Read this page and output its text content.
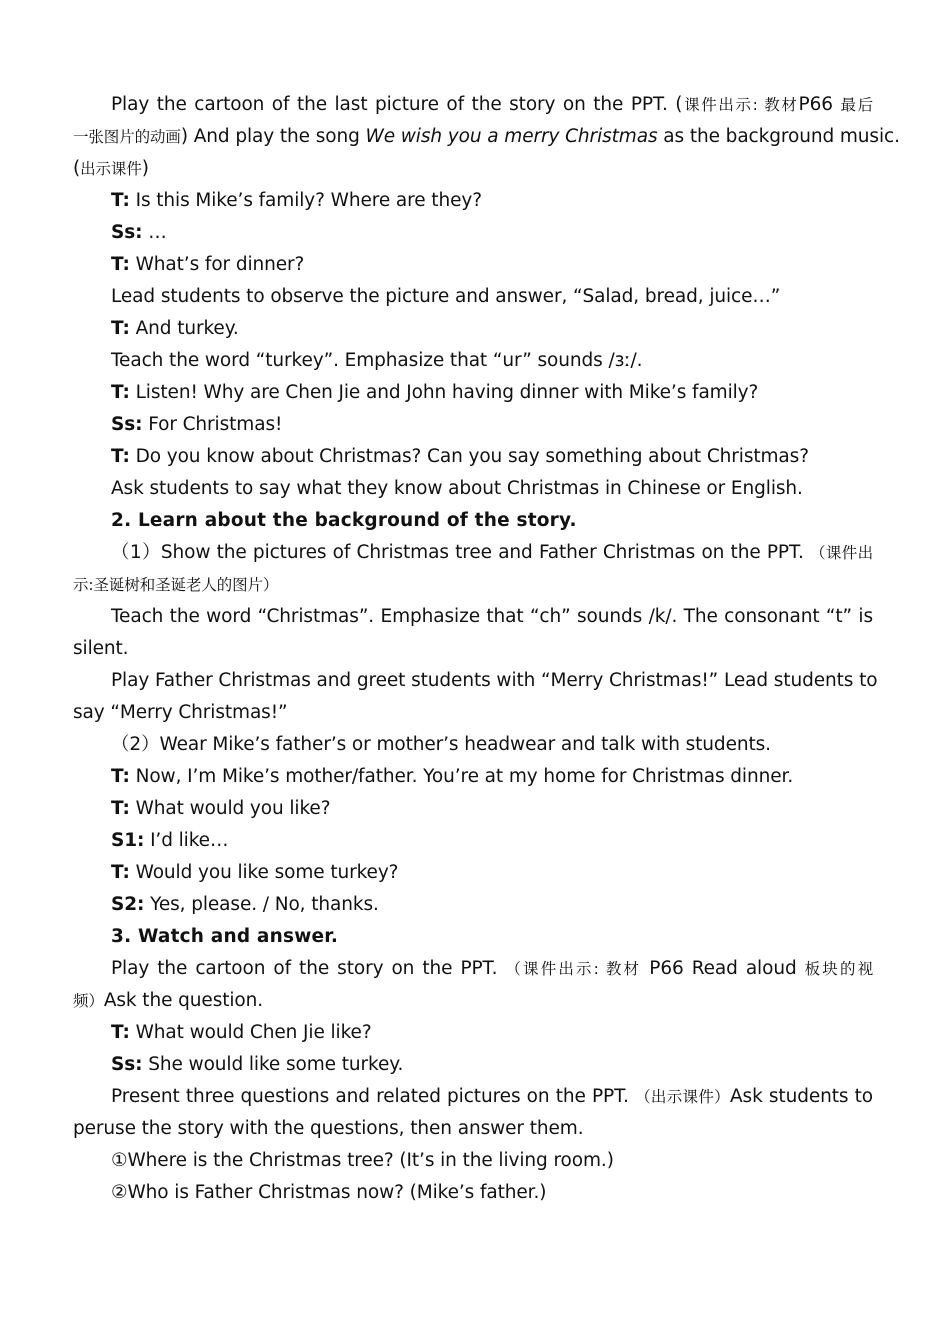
Play the cartoon of the last picture of the story on the PPT. (课件出示: 教材P66 最后
一张图片的动画) And play the song We wish you a merry Christmas as the background music.
(出示课件)
T: Is this Mike’s family? Where are they?
Ss: …
T: What’s for dinner?
Lead students to observe the picture and answer, “Salad, bread, juice…”
T: And turkey.
Teach the word “turkey”. Emphasize that “ur” sounds /ɜː/.
T: Listen! Why are Chen Jie and John having dinner with Mike’s family?
Ss: For Christmas!
T: Do you know about Christmas? Can you say something about Christmas?
Ask students to say what they know about Christmas in Chinese or English.
2. Learn about the background of the story.
（1）Show the pictures of Christmas tree and Father Christmas on the PPT. （课件出
示:圣诞树和圣诞老人的图片）
Teach the word “Christmas”. Emphasize that “ch” sounds /k/. The consonant “t” is
silent.
Play Father Christmas and greet students with “Merry Christmas!” Lead students to
say “Merry Christmas!”
（2）Wear Mike’s father’s or mother’s headwear and talk with students.
T: Now, I’m Mike’s mother/father. You’re at my home for Christmas dinner.
T: What would you like?
S1: I’d like…
T: Would you like some turkey?
S2: Yes, please. / No, thanks.
3. Watch and answer.
Play the cartoon of the story on the PPT. （课件出示: 教材 P66 Read aloud 板块的视
频）Ask the question.
T: What would Chen Jie like?
Ss: She would like some turkey.
Present three questions and related pictures on the PPT. （出示课件）Ask students to
peruse the story with the questions, then answer them.
①Where is the Christmas tree? (It’s in the living room.)
②Who is Father Christmas now? (Mike’s father.)
